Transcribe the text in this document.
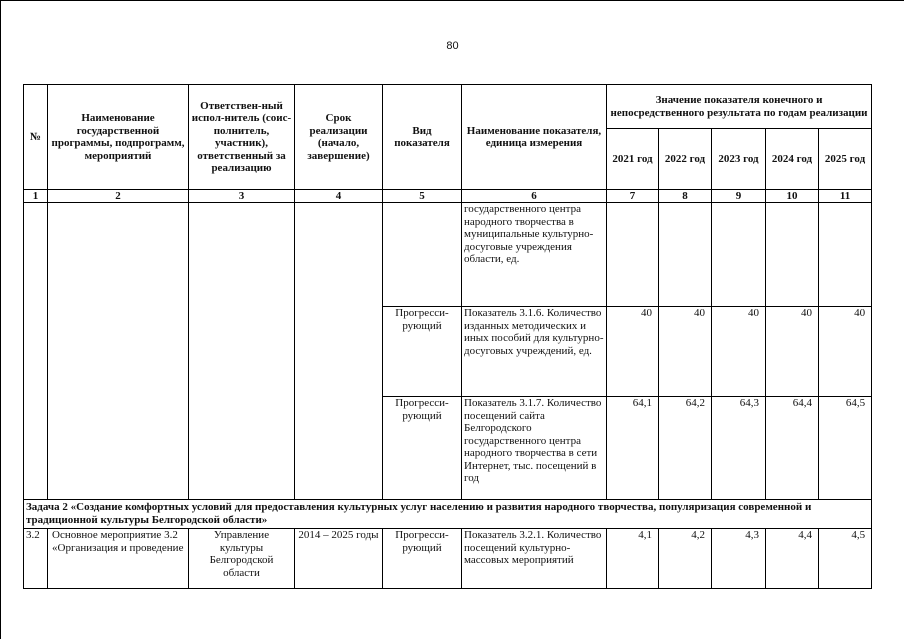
80
№	Наименование государственной программы, подпрограмм, мероприятий	Ответствен-ный испол-нитель (соис-полнитель, участник), ответственный за реализацию	Срок реализации (начало, завершение)	Вид показателя	Наименование показателя, единица измерения	Значение показателя конечного и непосредственного результата по годам реализации				
						2021 год	2022 год	2023 год	2024 год	2025 год
1	2	3	4	5	6	7	8	9	10	11
					государственного центра народного творчества в муниципальные культурно-досуговые учреждения области, ед.					
				Прогресси-рующий	Показатель 3.1.6. Количество изданных методических и иных пособий для культурно-досуговых учреждений, ед.	40	40	40	40	40
				Прогресси-рующий	Показатель 3.1.7. Количество посещений сайта Белгородского государственного центра народного творчества в сети Интернет, тыс. посещений в год	64,1	64,2	64,3	64,4	64,5
Задача 2 «Создание комфортных условий для предоставления культурных услуг населению и развития народного творчества, популяризация современной и традиционной культуры Белгородской области»										
3.2	Основное мероприятие 3.2 «Организация и проведение	Управление культуры Белгородской области	2014 – 2025 годы	Прогресси-рующий	Показатель 3.2.1. Количество посещений культурно-массовых мероприятий	4,1	4,2	4,3	4,4	4,5
